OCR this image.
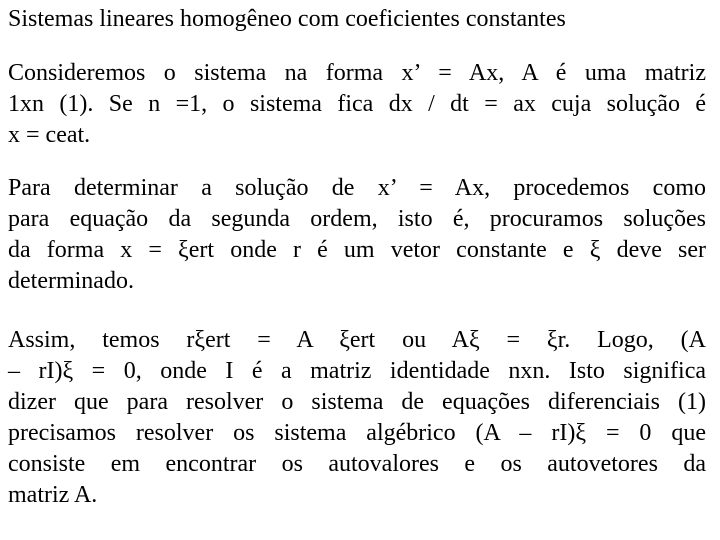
Sistemas lineares homogêneo com coeficientes constantes
Consideremos o sistema na forma x’ = Ax, A é uma matriz
1xn (1). Se n =1, o sistema fica dx / dt = ax cuja solução é
x = ceat.
Para determinar a solução de x’ = Ax, procedemos como
para equação da segunda ordem, isto é, procuramos soluções
da forma x = ξert onde r é um vetor constante e ξ deve ser
determinado.
Assim, temos rξert = A ξert ou Aξ = ξr. Logo, (A
– rI)ξ = 0, onde I é a matriz identidade nxn. Isto significa
dizer que para resolver o sistema de equações diferenciais (1)
precisamos resolver os sistema algébrico (A – rI)ξ = 0 que
consiste em encontrar os autovalores e os autovetores da
matriz A.
